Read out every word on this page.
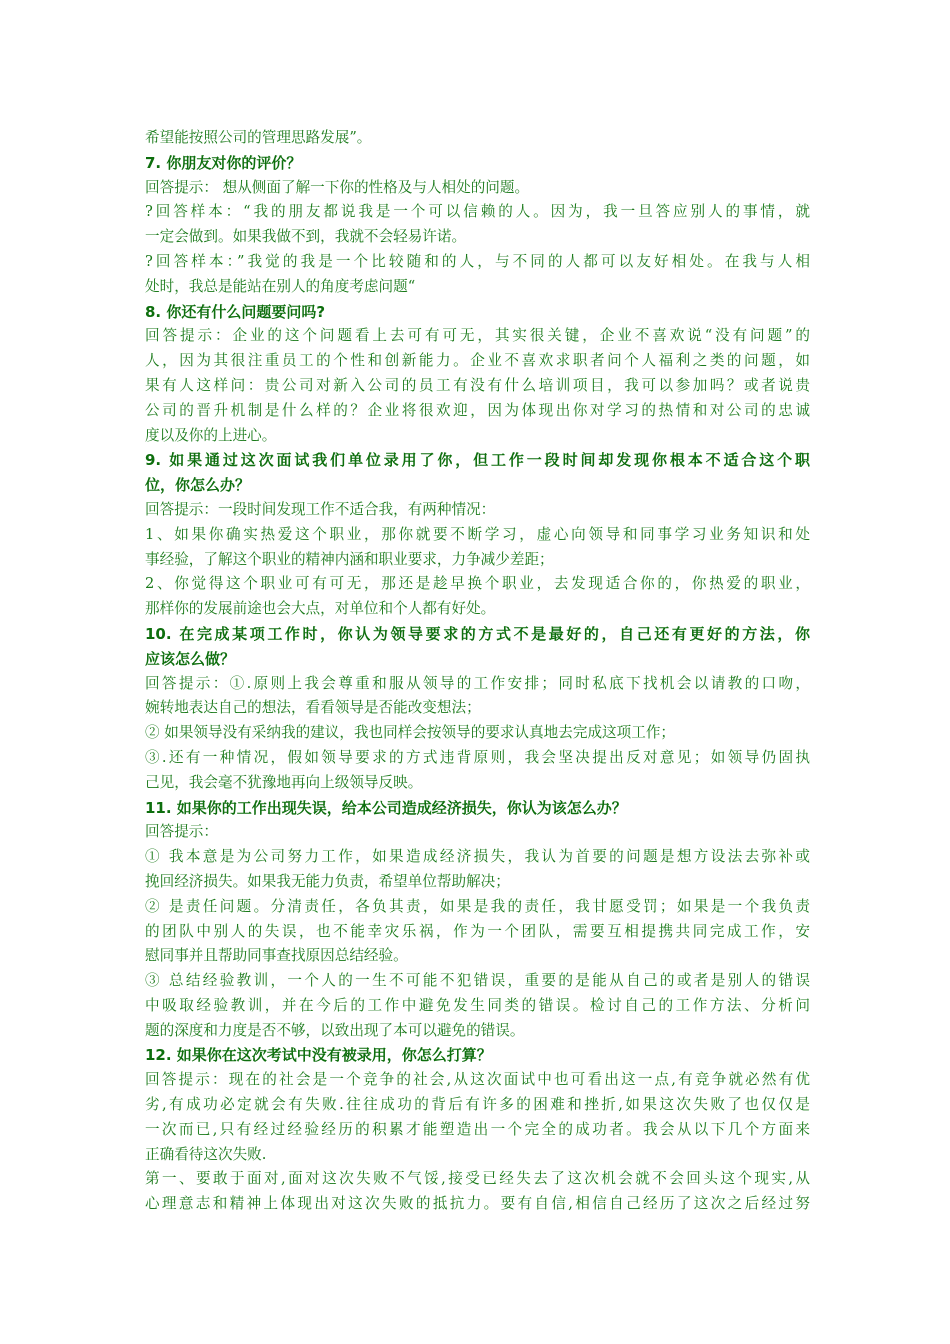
希望能按照公司的管理思路发展”。
7. 你朋友对你的评价？
回答提示： 想从侧面了解一下你的性格及与人相处的问题。
?回答样本：“我的朋友都说我是一个可以信赖的人。因为，我一旦答应别人的事情，就
一定会做到。如果我做不到，我就不会轻易许诺。
?回答样本：”我觉的我是一个比较随和的人，与不同的人都可以友好相处。在我与人相
处时，我总是能站在别人的角度考虑问题“
8. 你还有什么问题要问吗?
回答提示：企业的这个问题看上去可有可无，其实很关键，企业不喜欢说“没有问题”的
人，因为其很注重员工的个性和创新能力。企业不喜欢求职者问个人福利之类的问题，如
果有人这样问：贵公司对新入公司的员工有没有什么培训项目，我可以参加吗？或者说贵
公司的晋升机制是什么样的？企业将很欢迎，因为体现出你对学习的热情和对公司的忠诚
度以及你的上进心。
9. 如果通过这次面试我们单位录用了你，但工作一段时间却发现你根本不适合这个职
位，你怎么办？
回答提示：一段时间发现工作不适合我，有两种情况：
1、如果你确实热爱这个职业，那你就要不断学习，虚心向领导和同事学习业务知识和处
事经验，了解这个职业的精神内涵和职业要求，力争减少差距；
2、你觉得这个职业可有可无，那还是趁早换个职业，去发现适合你的，你热爱的职业，
那样你的发展前途也会大点，对单位和个人都有好处。
10. 在完成某项工作时，你认为领导要求的方式不是最好的，自己还有更好的方法，你
应该怎么做？
回答提示：①.原则上我会尊重和服从领导的工作安排；同时私底下找机会以请教的口吻，
婉转地表达自己的想法，看看领导是否能改变想法；
② 如果领导没有采纳我的建议，我也同样会按领导的要求认真地去完成这项工作；
③.还有一种情况，假如领导要求的方式违背原则，我会坚决提出反对意见；如领导仍固执
己见，我会毫不犹豫地再向上级领导反映。
11. 如果你的工作出现失误，给本公司造成经济损失，你认为该怎么办？
回答提示：
① 我本意是为公司努力工作，如果造成经济损失，我认为首要的问题是想方设法去弥补或
挽回经济损失。如果我无能力负责，希望单位帮助解决；
② 是责任问题。分清责任，各负其责，如果是我的责任，我甘愿受罚；如果是一个我负责
的团队中别人的失误，也不能幸灾乐祸，作为一个团队，需要互相提携共同完成工作，安
慰同事并且帮助同事查找原因总结经验。
③ 总结经验教训，一个人的一生不可能不犯错误，重要的是能从自己的或者是别人的错误
中吸取经验教训，并在今后的工作中避免发生同类的错误。检讨自己的工作方法、分析问
题的深度和力度是否不够，以致出现了本可以避免的错误。
12. 如果你在这次考试中没有被录用，你怎么打算？
回答提示：现在的社会是一个竞争的社会,从这次面试中也可看出这一点,有竞争就必然有优
劣,有成功必定就会有失败.往往成功的背后有许多的困难和挫折,如果这次失败了也仅仅是
一次而已,只有经过经验经历的积累才能塑造出一个完全的成功者。我会从以下几个方面来
正确看待这次失败.
第一、要敢于面对,面对这次失败不气馁,接受已经失去了这次机会就不会回头这个现实,从
心理意志和精神上体现出对这次失败的抵抗力。要有自信,相信自己经历了这次之后经过努
